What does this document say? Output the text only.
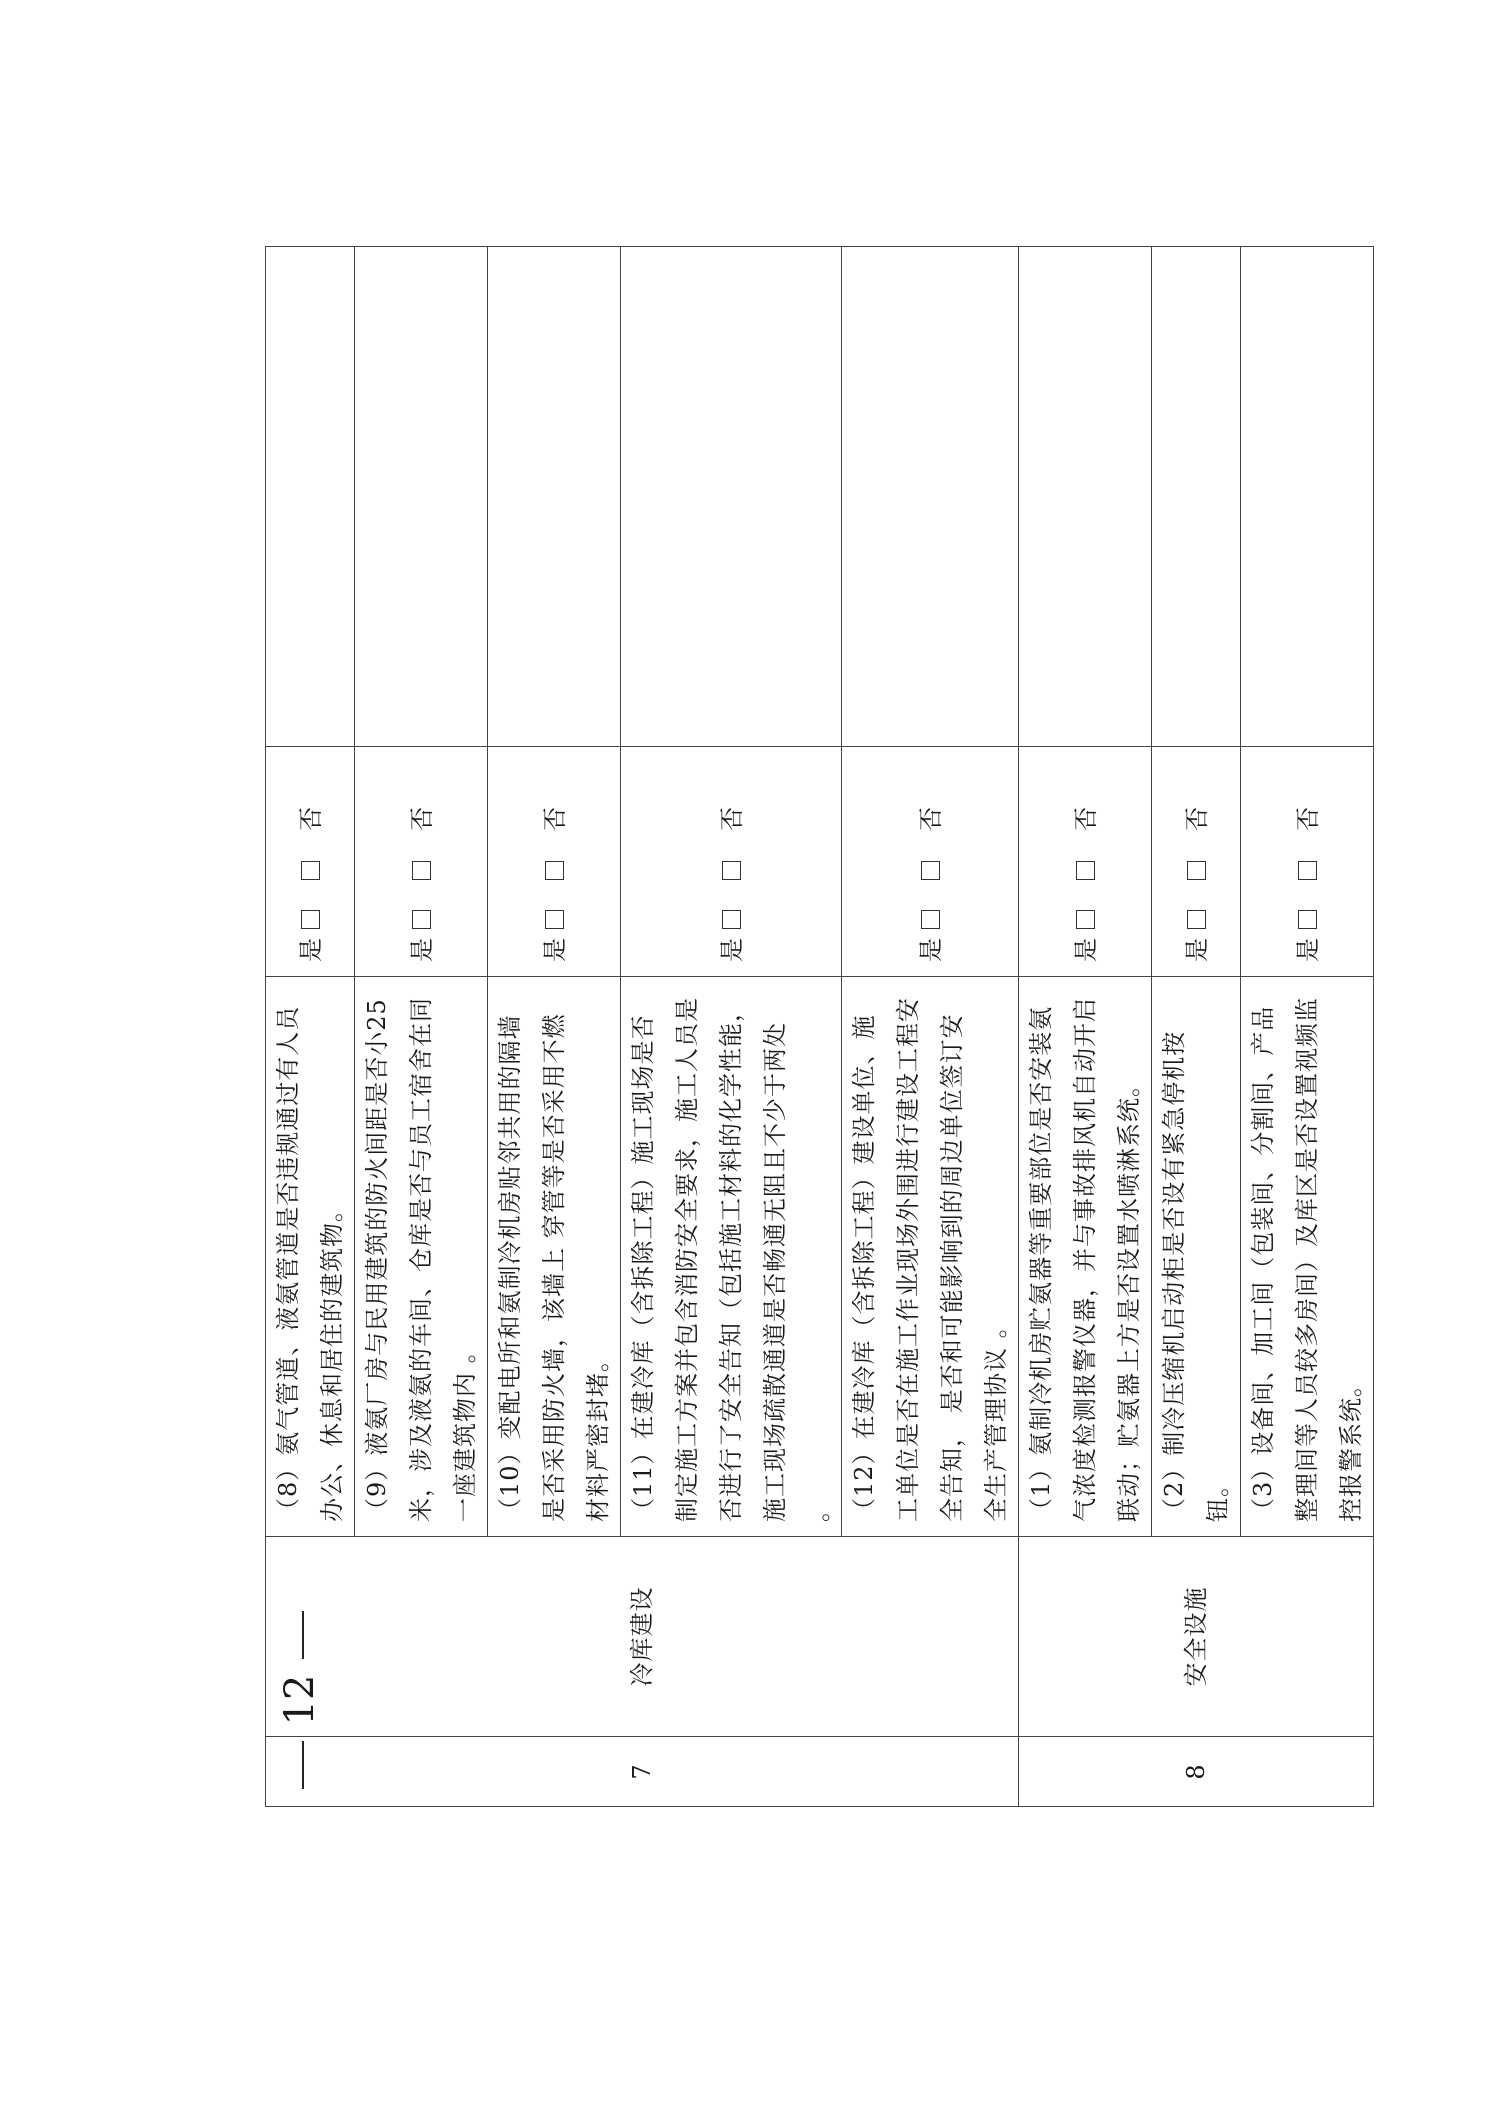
7	冷库建设	（8）氨气管道、液氨管道是否违规通过有人员办公、休息和居住的建筑物。	是否	
		（9）液氨厂房与民用建筑的防火间距是否小25米，涉及液氨的车间、仓库是否与员工宿舍在同一座建筑物内 。	是否	
		（10）变配电所和氨制冷机房贴邻共用的隔墙是否采用防火墙，该墙上 穿管等是否采用不燃材料严密封堵。	是否	
		（11）在建冷库（含拆除工程）施工现场是否制定施工方案并包含消防安全要求，施工人员是否进行了安全告知（包括施工材料的化学性能，施工现场疏散通道是否畅通无阻且不少于两处 。	是否	
		（12）在建冷库（含拆除工程）建设单位、施工单位是否在施工作业现场外围进行建设工程安全告知， 是否和可能影响到的周边单位签订安全生产管理协议 。	是否	
8	安全设施	（1）氨制冷机房贮氨器等重要部位是否安装氨气浓度检测报警仪器，并与事故排风机自动开启联动；贮氨器上方是否设置水喷淋系统。	是否	
		（2）制冷压缩机启动柜是否设有紧急停机按钮。	是否	
		（3）设备间、加工间（包装间、分割间、产品整理间等人员较多房间）及库区是否设置视频监控报警系统。	是否	
12
